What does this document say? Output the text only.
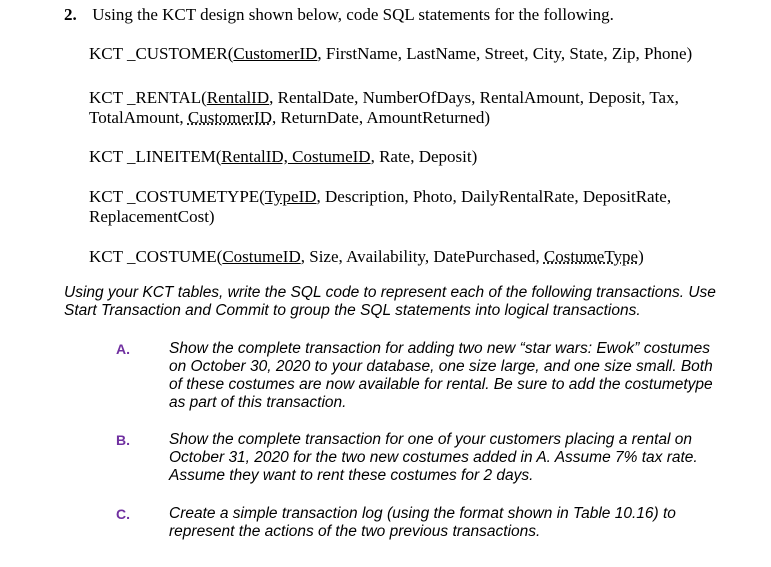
2. Using the KCT design shown below, code SQL statements for the following.
KCT _CUSTOMER(CustomerID, FirstName, LastName, Street, City, State, Zip, Phone)
KCT _RENTAL(RentalID, RentalDate, NumberOfDays, RentalAmount, Deposit, Tax,
TotalAmount, CustomerID, ReturnDate, AmountReturned)
KCT _LINEITEM(RentalID, CostumeID, Rate, Deposit)
KCT _COSTUMETYPE(TypeID, Description, Photo, DailyRentalRate, DepositRate,
ReplacementCost)
KCT _COSTUME(CostumeID, Size, Availability, DatePurchased, CostumeType)
Using your KCT tables, write the SQL code to represent each of the following transactions. Use
Start Transaction and Commit to group the SQL statements into logical transactions.
A.	Show the complete transaction for adding two new “star wars: Ewok” costumes
on October 30, 2020 to your database, one size large, and one size small. Both
of these costumes are now available for rental. Be sure to add the costumetype
as part of this transaction.
B.	Show the complete transaction for one of your customers placing a rental on
October 31, 2020 for the two new costumes added in A. Assume 7% tax rate.
Assume they want to rent these costumes for 2 days.
C.	Create a simple transaction log (using the format shown in Table 10.16) to
represent the actions of the two previous transactions.
